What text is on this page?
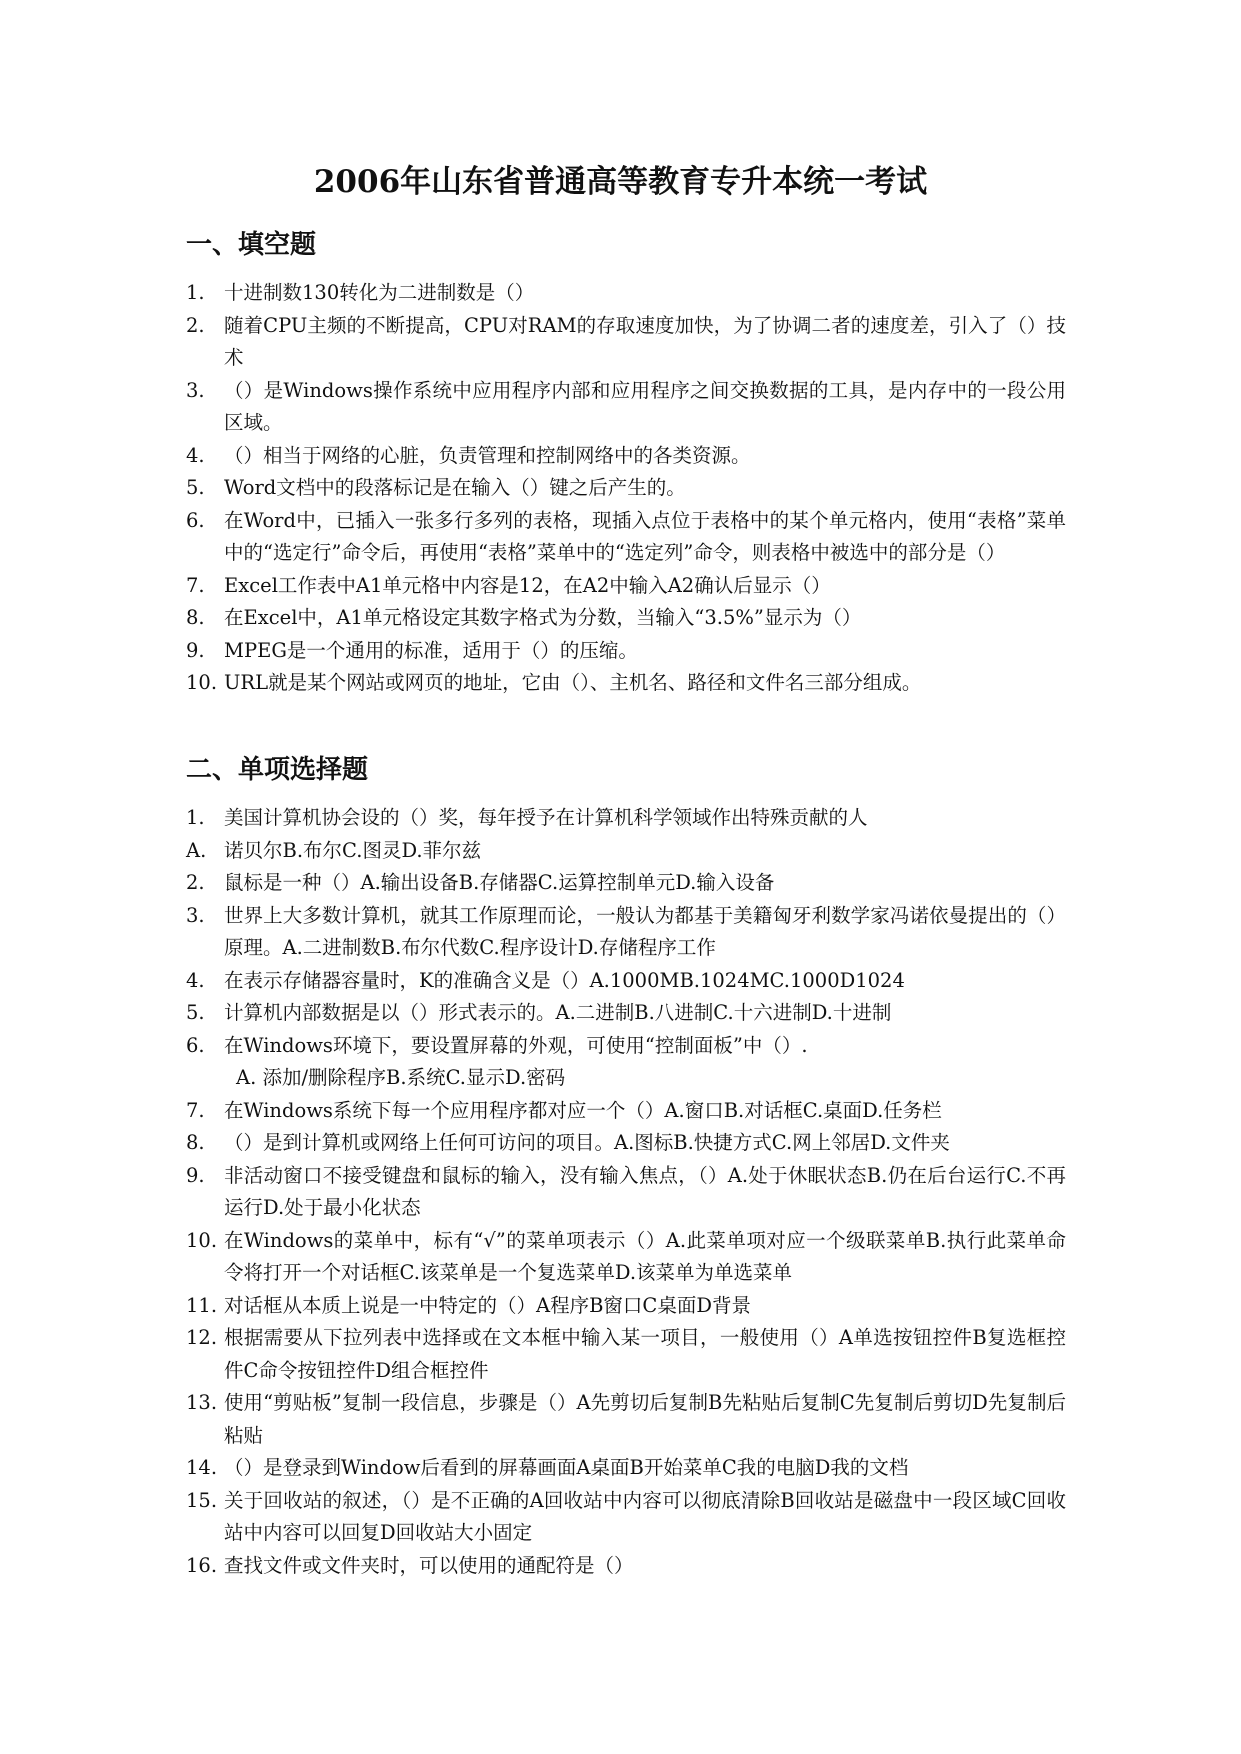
2006年山东省普通高等教育专升本统一考试
一、填空题
1. 十进制数130转化为二进制数是（）
2. 随着CPU主频的不断提高，CPU对RAM的存取速度加快，为了协调二者的速度差，引入了（）技术
3. （）是Windows操作系统中应用程序内部和应用程序之间交换数据的工具，是内存中的一段公用区域。
4. （）相当于网络的心脏，负责管理和控制网络中的各类资源。
5. Word文档中的段落标记是在输入（）键之后产生的。
6. 在Word中，已插入一张多行多列的表格，现插入点位于表格中的某个单元格内，使用“表格”菜单中的“选定行”命令后，再使用“表格”菜单中的“选定列”命令，则表格中被选中的部分是（）
7. Excel工作表中A1单元格中内容是12，在A2中输入A2确认后显示（）
8. 在Excel中，A1单元格设定其数字格式为分数，当输入“3.5%”显示为（）
9. MPEG是一个通用的标准，适用于（）的压缩。
10. URL就是某个网站或网页的地址，它由（）、主机名、路径和文件名三部分组成。
二、单项选择题
1. 美国计算机协会设的（）奖，每年授予在计算机科学领域作出特殊贡献的人
A. 诺贝尔B.布尔C.图灵D.菲尔兹
2. 鼠标是一种（）A.输出设备B.存储器C.运算控制单元D.输入设备
3. 世界上大多数计算机，就其工作原理而论，一般认为都基于美籍匈牙利数学家冯诺依曼提出的（）原理。A.二进制数B.布尔代数C.程序设计D.存储程序工作
4. 在表示存储器容量时，K的准确含义是（）A.1000MB.1024MC.1000D1024
5. 计算机内部数据是以（）形式表示的。A.二进制B.八进制C.十六进制D.十进制
6. 在Windows环境下，要设置屏幕的外观，可使用“控制面板”中（）.
A. 添加/删除程序B.系统C.显示D.密码
7. 在Windows系统下每一个应用程序都对应一个（）A.窗口B.对话框C.桌面D.任务栏
8. （）是到计算机或网络上任何可访问的项目。A.图标B.快捷方式C.网上邻居D.文件夹
9. 非活动窗口不接受键盘和鼠标的输入，没有输入焦点，（）A.处于休眠状态B.仍在后台运行C.不再运行D.处于最小化状态
10. 在Windows的菜单中，标有“√”的菜单项表示（）A.此菜单项对应一个级联菜单B.执行此菜单命令将打开一个对话框C.该菜单是一个复选菜单D.该菜单为单选菜单
11. 对话框从本质上说是一中特定的（）A程序B窗口C桌面D背景
12. 根据需要从下拉列表中选择或在文本框中输入某一项目，一般使用（）A单选按钮控件B复选框控件C命令按钮控件D组合框控件
13. 使用“剪贴板”复制一段信息，步骤是（）A先剪切后复制B先粘贴后复制C先复制后剪切D先复制后粘贴
14. （）是登录到Window后看到的屏幕画面A桌面B开始菜单C我的电脑D我的文档
15. 关于回收站的叙述，（）是不正确的A回收站中内容可以彻底清除B回收站是磁盘中一段区域C回收站中内容可以回复D回收站大小固定
16. 查找文件或文件夹时，可以使用的通配符是（）
